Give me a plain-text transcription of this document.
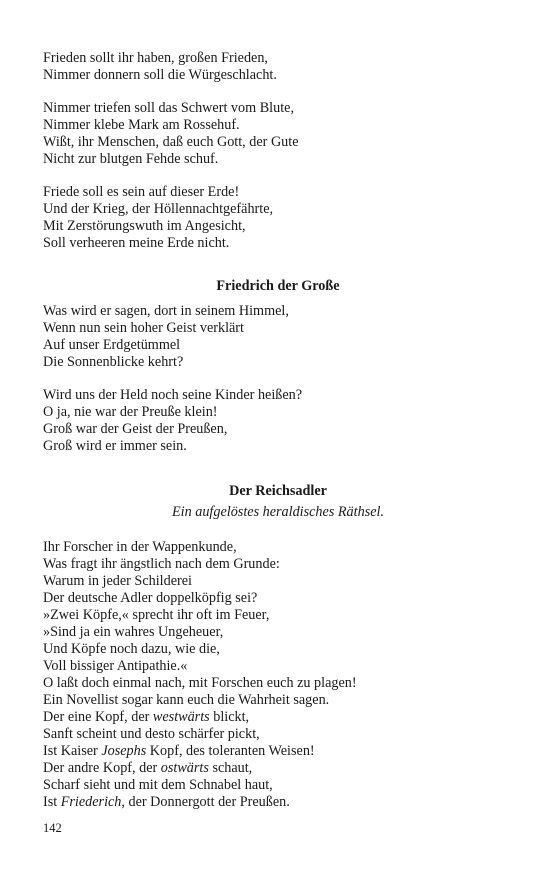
Frieden sollt ihr haben, großen Frieden,
Nimmer donnern soll die Würgeschlacht.
Nimmer triefen soll das Schwert vom Blute,
Nimmer klebe Mark am Rossehuf.
Wißt, ihr Menschen, daß euch Gott, der Gute
Nicht zur blutgen Fehde schuf.
Friede soll es sein auf dieser Erde!
Und der Krieg, der Höllennachtgefährte,
Mit Zerstörungswuth im Angesicht,
Soll verheeren meine Erde nicht.
Friedrich der Große
Was wird er sagen, dort in seinem Himmel,
Wenn nun sein hoher Geist verklärt
Auf unser Erdgetümmel
Die Sonnenblicke kehrt?
Wird uns der Held noch seine Kinder heißen?
O ja, nie war der Preuße klein!
Groß war der Geist der Preußen,
Groß wird er immer sein.
Der Reichsadler
Ein aufgelöstes heraldisches Räthsel.
Ihr Forscher in der Wappenkunde,
Was fragt ihr ängstlich nach dem Grunde:
Warum in jeder Schilderei
Der deutsche Adler doppelköpfig sei?
»Zwei Köpfe,« sprecht ihr oft im Feuer,
»Sind ja ein wahres Ungeheuer,
Und Köpfe noch dazu, wie die,
Voll bissiger Antipathie.«
O laßt doch einmal nach, mit Forschen euch zu plagen!
Ein Novellist sogar kann euch die Wahrheit sagen.
Der eine Kopf, der westwärts blickt,
Sanft scheint und desto schärfer pickt,
Ist Kaiser Josephs Kopf, des toleranten Weisen!
Der andre Kopf, der ostwärts schaut,
Scharf sieht und mit dem Schnabel haut,
Ist Friederich, der Donnergott der Preußen.
142
